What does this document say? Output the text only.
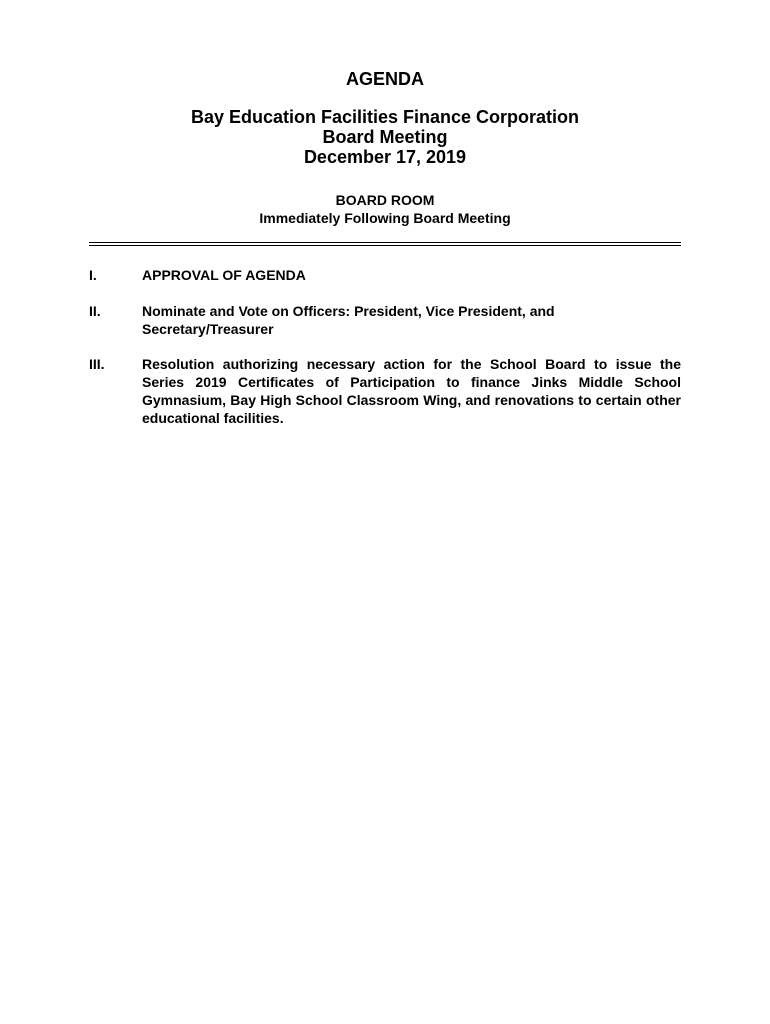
AGENDA
Bay Education Facilities Finance Corporation
Board Meeting
December 17, 2019
BOARD ROOM
Immediately Following Board Meeting
I.	APPROVAL OF AGENDA
II.	Nominate and Vote on Officers: President, Vice President, and
Secretary/Treasurer
III.	Resolution authorizing necessary action for the School Board to issue the Series 2019 Certificates of Participation to finance Jinks Middle School Gymnasium, Bay High School Classroom Wing, and renovations to certain other educational facilities.
